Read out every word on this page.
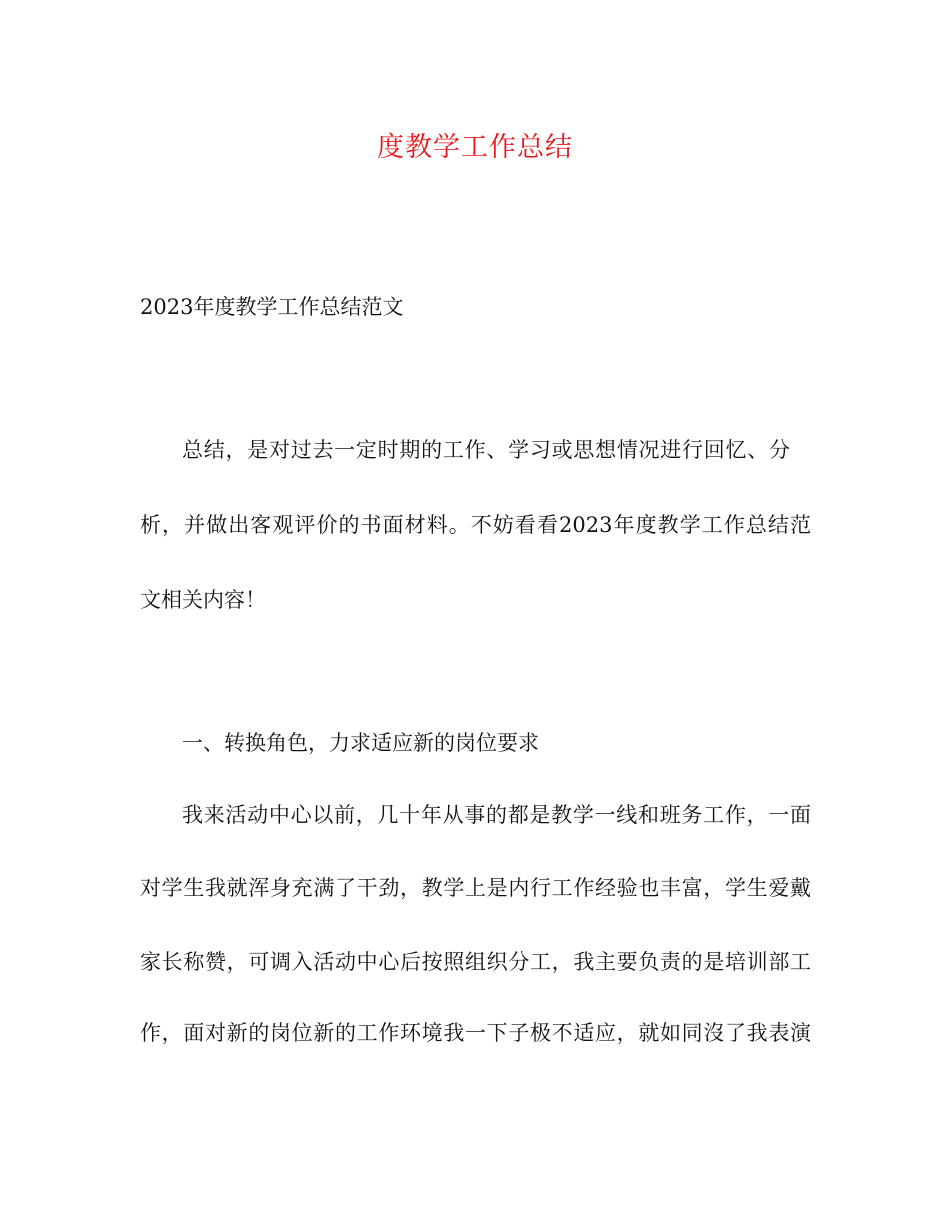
度教学工作总结
2023年度教学工作总结范文
总结，是对过去一定时期的工作、学习或思想情况进行回忆、分
析，并做出客观评价的书面材料。不妨看看2023年度教学工作总结范
文相关内容！
一、转换角色，力求适应新的岗位要求
我来活动中心以前，几十年从事的都是教学一线和班务工作，一面
对学生我就浑身充满了干劲，教学上是内行工作经验也丰富，学生爱戴
家长称赞，可调入活动中心后按照组织分工，我主要负责的是培训部工
作，面对新的岗位新的工作环境我一下子极不适应，就如同沒了我表演
